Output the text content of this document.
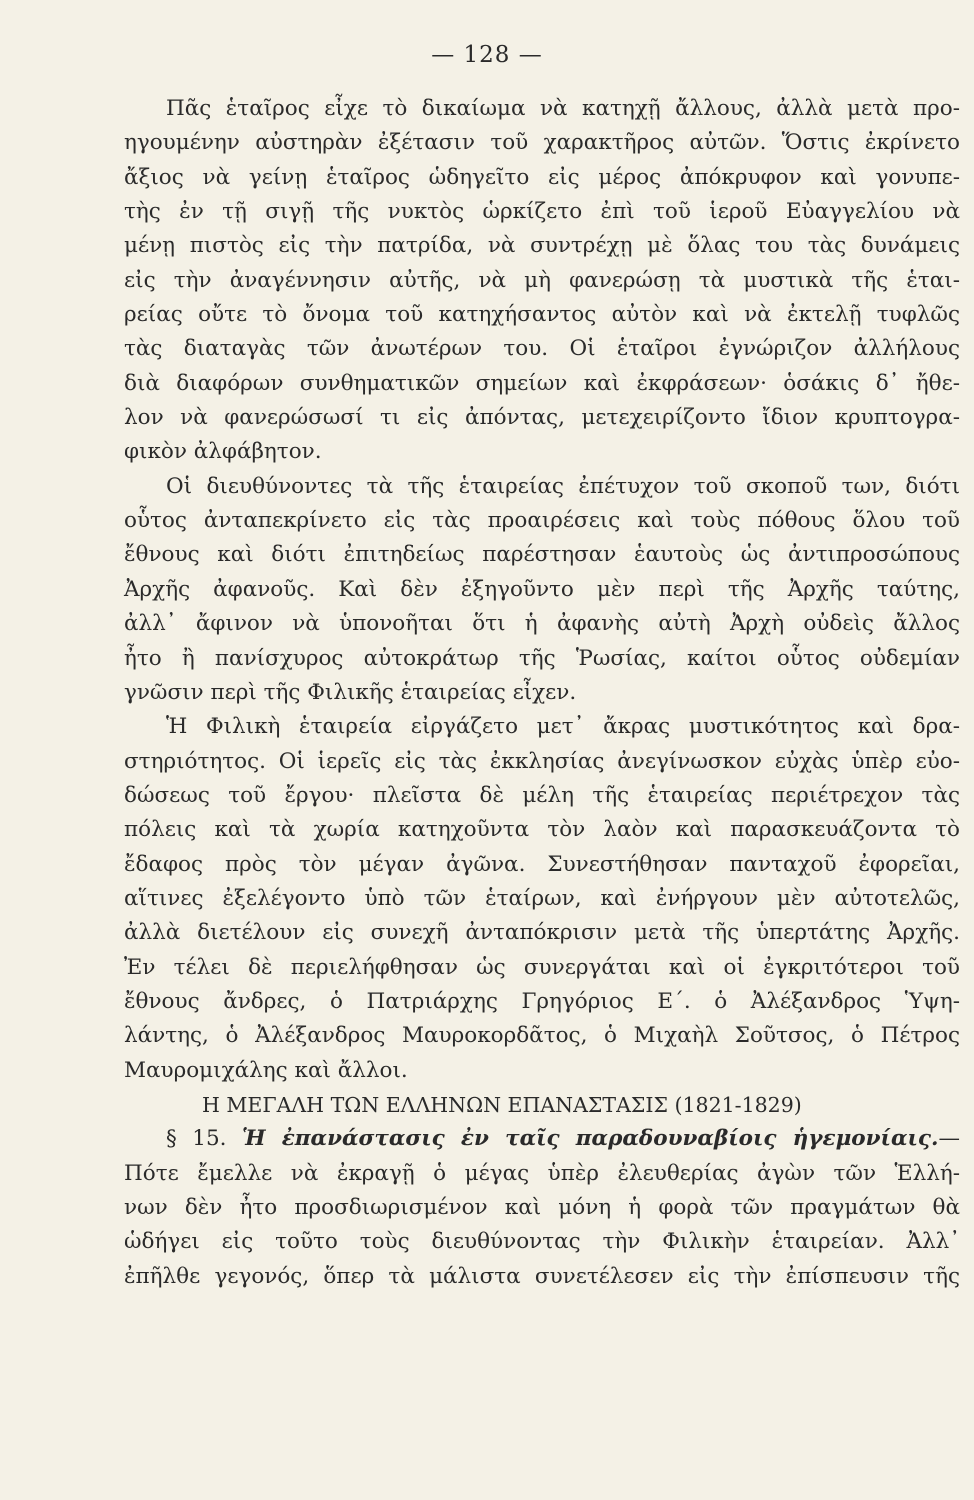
— 128 —
Πᾶς ἑταῖρος εἶχε τὸ δικαίωμα νὰ κατηχῇ ἄλλους, ἀλλὰ μετὰ προ-
ηγουμένην αὐστηρὰν ἐξέτασιν τοῦ χαρακτῆρος αὐτῶν. Ὅστις ἐκρίνετο
ἄξιος νὰ γείνῃ ἑταῖρος ὡδηγεῖτο εἰς μέρος ἀπόκρυφον καὶ γονυπε-
τὴς ἐν τῇ σιγῇ τῆς νυκτὸς ὡρκίζετο ἐπὶ τοῦ ἱεροῦ Εὐαγγελίου νὰ
μένῃ πιστὸς εἰς τὴν πατρίδα, νὰ συντρέχῃ μὲ ὅλας του τὰς δυνάμεις
εἰς τὴν ἀναγέννησιν αὐτῆς, νὰ μὴ φανερώσῃ τὰ μυστικὰ τῆς ἑται-
ρείας οὔτε τὸ ὄνομα τοῦ κατηχήσαντος αὐτὸν καὶ νὰ ἐκτελῇ τυφλῶς
τὰς διαταγὰς τῶν ἀνωτέρων του. Οἱ ἑταῖροι ἐγνώριζον ἀλλήλους
διὰ διαφόρων συνθηματικῶν σημείων καὶ ἐκφράσεων· ὁσάκις δ᾽ ἤθε-
λον νὰ φανερώσωσί τι εἰς ἀπόντας, μετεχειρίζοντο ἴδιον κρυπτογρα-
φικὸν ἀλφάβητον.
Οἱ διευθύνοντες τὰ τῆς ἑταιρείας ἐπέτυχον τοῦ σκοποῦ των, διότι
οὗτος ἀνταπεκρίνετο εἰς τὰς προαιρέσεις καὶ τοὺς πόθους ὅλου τοῦ
ἔθνους καὶ διότι ἐπιτηδείως παρέστησαν ἑαυτοὺς ὡς ἀντιπροσώπους
Ἀρχῆς ἀφανοῦς. Καὶ δὲν ἐξηγοῦντο μὲν περὶ τῆς Ἀρχῆς ταύτης,
ἀλλ᾽ ἄφινον νὰ ὑπονοῆται ὅτι ἡ ἀφανὴς αὐτὴ Ἀρχὴ οὐδεὶς ἄλλος
ἦτο ἢ πανίσχυρος αὐτοκράτωρ τῆς Ῥωσίας, καίτοι οὗτος οὐδεμίαν
γνῶσιν περὶ τῆς Φιλικῆς ἑταιρείας εἶχεν.
Ἡ Φιλικὴ ἑταιρεία εἰργάζετο μετ᾽ ἄκρας μυστικότητος καὶ δρα-
στηριότητος. Οἱ ἱερεῖς εἰς τὰς ἐκκλησίας ἀνεγίνωσκον εὐχὰς ὑπὲρ εὐο-
δώσεως τοῦ ἔργου· πλεῖστα δὲ μέλη τῆς ἑταιρείας περιέτρεχον τὰς
πόλεις καὶ τὰ χωρία κατηχοῦντα τὸν λαὸν καὶ παρασκευάζοντα τὸ
ἔδαφος πρὸς τὸν μέγαν ἀγῶνα. Συνεστήθησαν πανταχοῦ ἐφορεῖαι,
αἵτινες ἐξελέγοντο ὑπὸ τῶν ἑταίρων, καὶ ἐνήργουν μὲν αὐτοτελῶς,
ἀλλὰ διετέλουν εἰς συνεχῆ ἀνταπόκρισιν μετὰ τῆς ὑπερτάτης Ἀρχῆς.
Ἐν τέλει δὲ περιελήφθησαν ὡς συνεργάται καὶ οἱ ἐγκριτότεροι τοῦ
ἔθνους ἄνδρες, ὁ Πατριάρχης Γρηγόριος Ε΄. ὁ Ἀλέξανδρος Ὑψη-
λάντης, ὁ Ἀλέξανδρος Μαυροκορδᾶτος, ὁ Μιχαὴλ Σοῦτσος, ὁ Πέτρος
Μαυρομιχάλης καὶ ἄλλοι.
Η ΜΕΓΑΛΗ ΤΩΝ ΕΛΛΗΝΩΝ ΕΠΑΝΑΣΤΑΣΙΣ (1821-1829)
§ 15. Ἡ ἐπανάστασις ἐν ταῖς παραδουναβίοις ἡγεμονίαις.—
Πότε ἔμελλε νὰ ἐκραγῇ ὁ μέγας ὑπὲρ ἐλευθερίας ἀγὼν τῶν Ἑλλή-
νων δὲν ἦτο προσδιωρισμένον καὶ μόνη ἡ φορὰ τῶν πραγμάτων θὰ
ὡδήγει εἰς τοῦτο τοὺς διευθύνοντας τὴν Φιλικὴν ἑταιρείαν. Ἀλλ᾽
ἐπῆλθε γεγονός, ὅπερ τὰ μάλιστα συνετέλεσεν εἰς τὴν ἐπίσπευσιν τῆς
